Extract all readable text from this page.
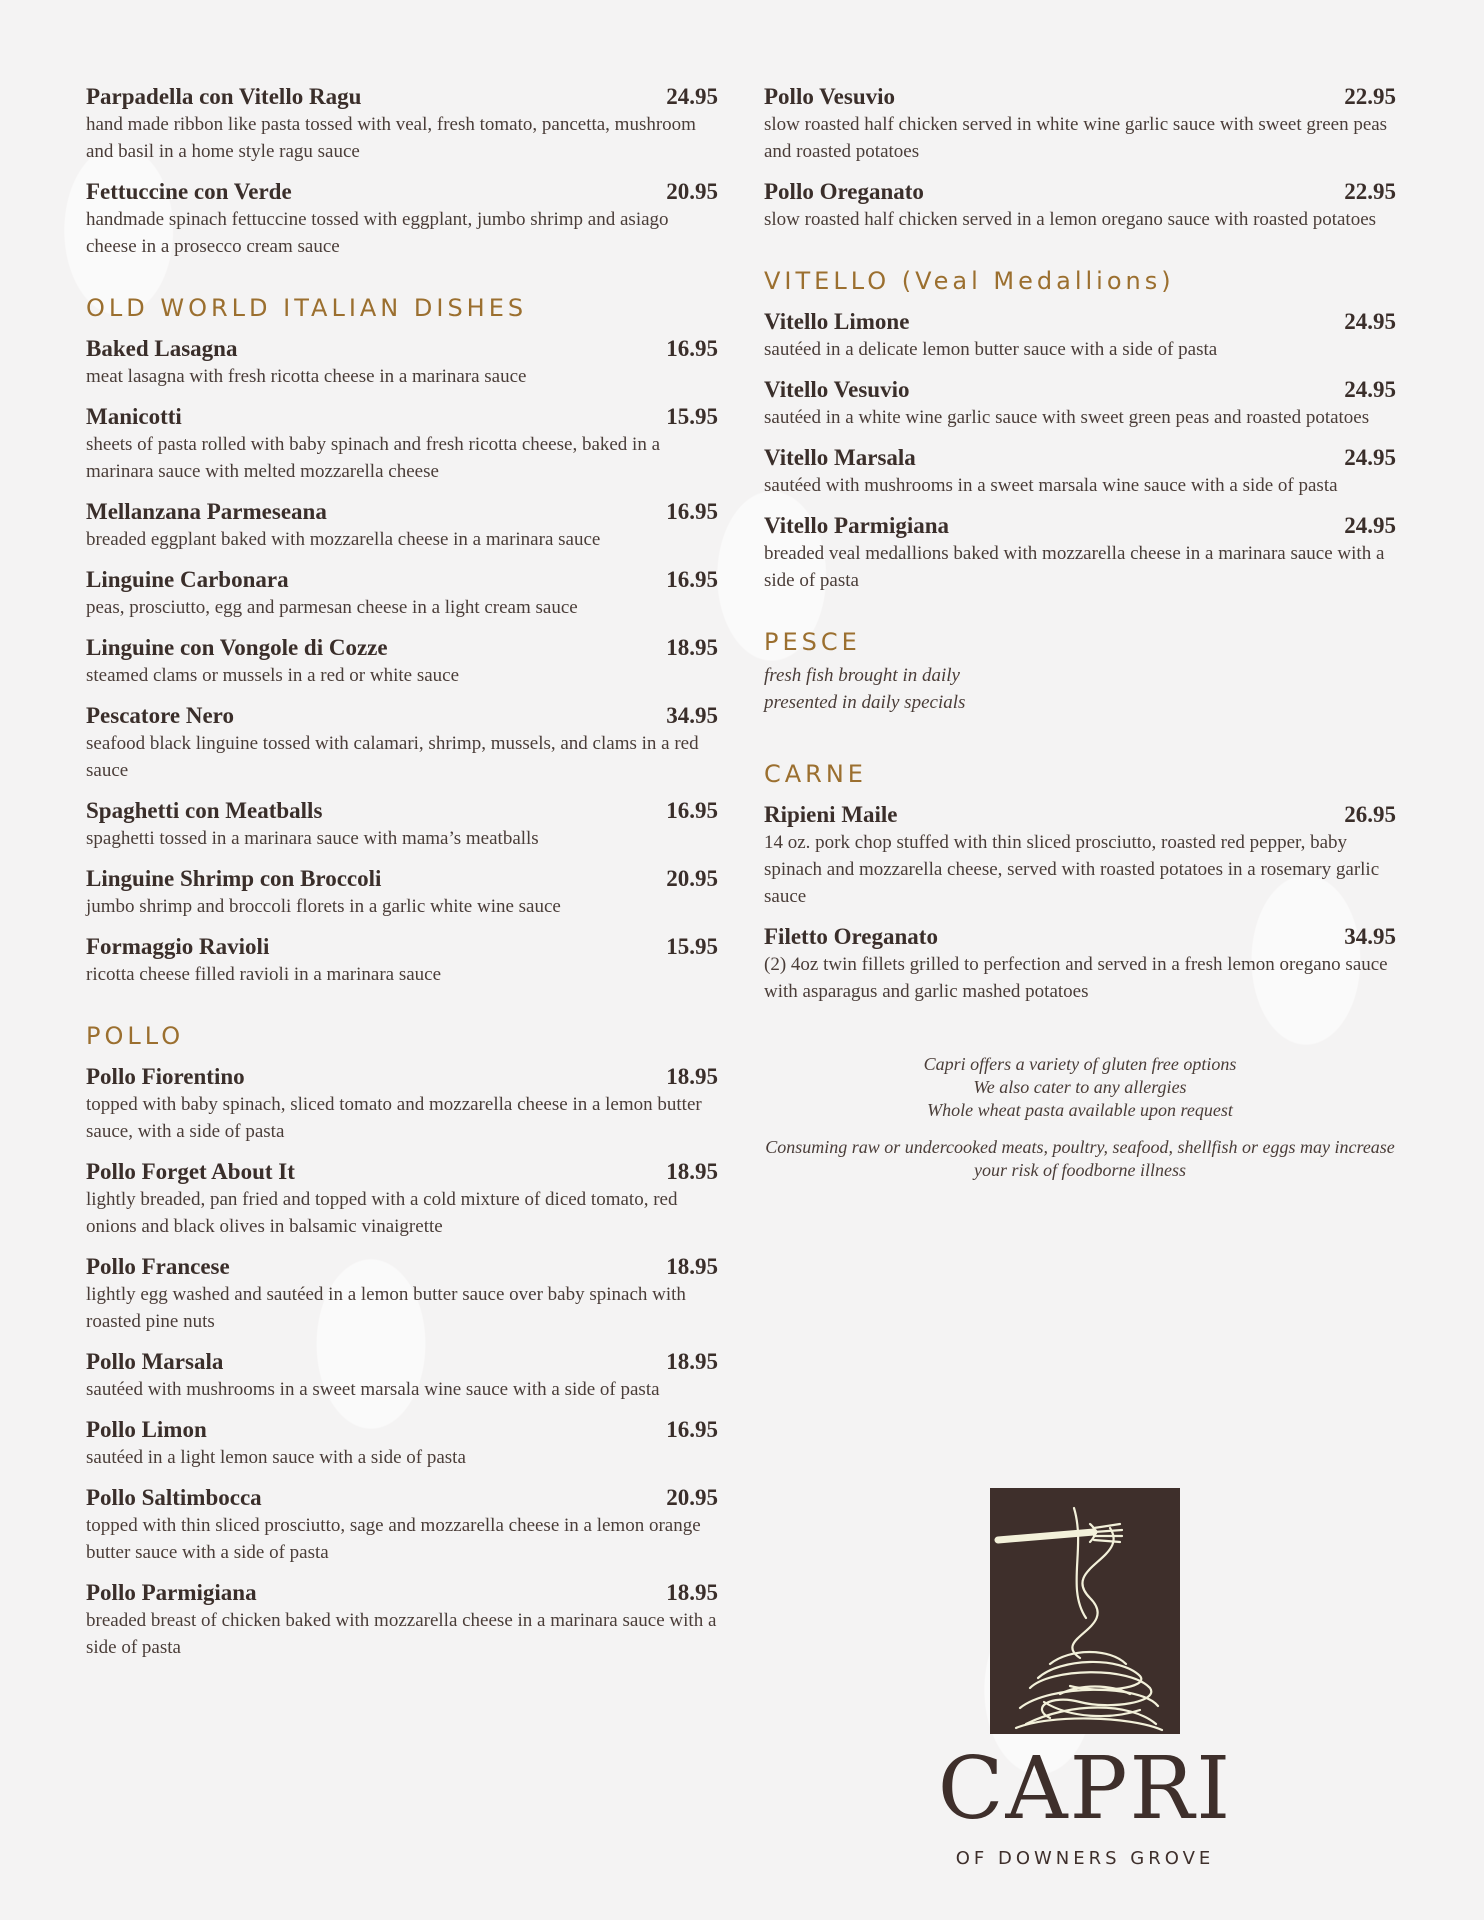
Parpadella con Vitello Ragu	24.95
hand made ribbon like pasta tossed with veal, fresh tomato, pancetta, mushroom and basil in a home style ragu sauce
Fettuccine con Verde	20.95
handmade spinach fettuccine tossed with eggplant, jumbo shrimp and asiago cheese in a prosecco cream sauce
OLD WORLD ITALIAN DISHES
Baked Lasagna	16.95
meat lasagna with fresh ricotta cheese in a marinara sauce
Manicotti	15.95
sheets of pasta rolled with baby spinach and fresh ricotta cheese, baked in a marinara sauce with melted mozzarella cheese
Mellanzana Parmeseana	16.95
breaded eggplant baked with mozzarella cheese in a marinara sauce
Linguine Carbonara	16.95
peas, prosciutto, egg and parmesan cheese in a light cream sauce
Linguine con Vongole di Cozze	18.95
steamed clams or mussels in a red or white sauce
Pescatore Nero	34.95
seafood black linguine tossed with calamari, shrimp, mussels, and clams in a red sauce
Spaghetti con Meatballs	16.95
spaghetti tossed in a marinara sauce with mama’s meatballs
Linguine Shrimp con Broccoli	20.95
jumbo shrimp and broccoli florets in a garlic white wine sauce
Formaggio Ravioli	15.95
ricotta cheese filled ravioli in a marinara sauce
POLLO
Pollo Fiorentino	18.95
topped with baby spinach, sliced tomato and mozzarella cheese in a lemon butter sauce, with a side of pasta
Pollo Forget About It	18.95
lightly breaded, pan fried and topped with a cold mixture of diced tomato, red onions and black olives in balsamic vinaigrette
Pollo Francese	18.95
lightly egg washed and sautéed in a lemon butter sauce over baby spinach with roasted pine nuts
Pollo Marsala	18.95
sautéed with mushrooms in a sweet marsala wine sauce with a side of pasta
Pollo Limon	16.95
sautéed in a light lemon sauce with a side of pasta
Pollo Saltimbocca	20.95
topped with thin sliced prosciutto, sage and mozzarella cheese in a lemon orange butter sauce with a side of pasta
Pollo Parmigiana	18.95
breaded breast of chicken baked with mozzarella cheese in a marinara sauce with a side of pasta
Pollo Vesuvio	22.95
slow roasted half chicken served in white wine garlic sauce with sweet green peas and roasted potatoes
Pollo Oreganato	22.95
slow roasted half chicken served in a lemon oregano sauce with roasted potatoes
VITELLO (Veal Medallions)
Vitello Limone	24.95
sautéed in a delicate lemon butter sauce with a side of pasta
Vitello Vesuvio	24.95
sautéed in a white wine garlic sauce with sweet green peas and roasted potatoes
Vitello Marsala	24.95
sautéed with mushrooms in a sweet marsala wine sauce with a side of pasta
Vitello Parmigiana	24.95
breaded veal medallions baked with mozzarella cheese in a marinara sauce with a side of pasta
PESCE
fresh fish brought in daily
presented in daily specials
CARNE
Ripieni Maile	26.95
14 oz. pork chop stuffed with thin sliced prosciutto, roasted red pepper, baby spinach and mozzarella cheese, served with roasted potatoes in a rosemary garlic sauce
Filetto Oreganato	34.95
(2) 4oz twin fillets grilled to perfection and served in a fresh lemon oregano sauce with asparagus and garlic mashed potatoes

Capri offers a variety of gluten free options
We also cater to any allergies
Whole wheat pasta available upon request

Consuming raw or undercooked meats, poultry, seafood, shellfish or eggs may increase your risk of foodborne illness

CAPRI
OF DOWNERS GROVE
